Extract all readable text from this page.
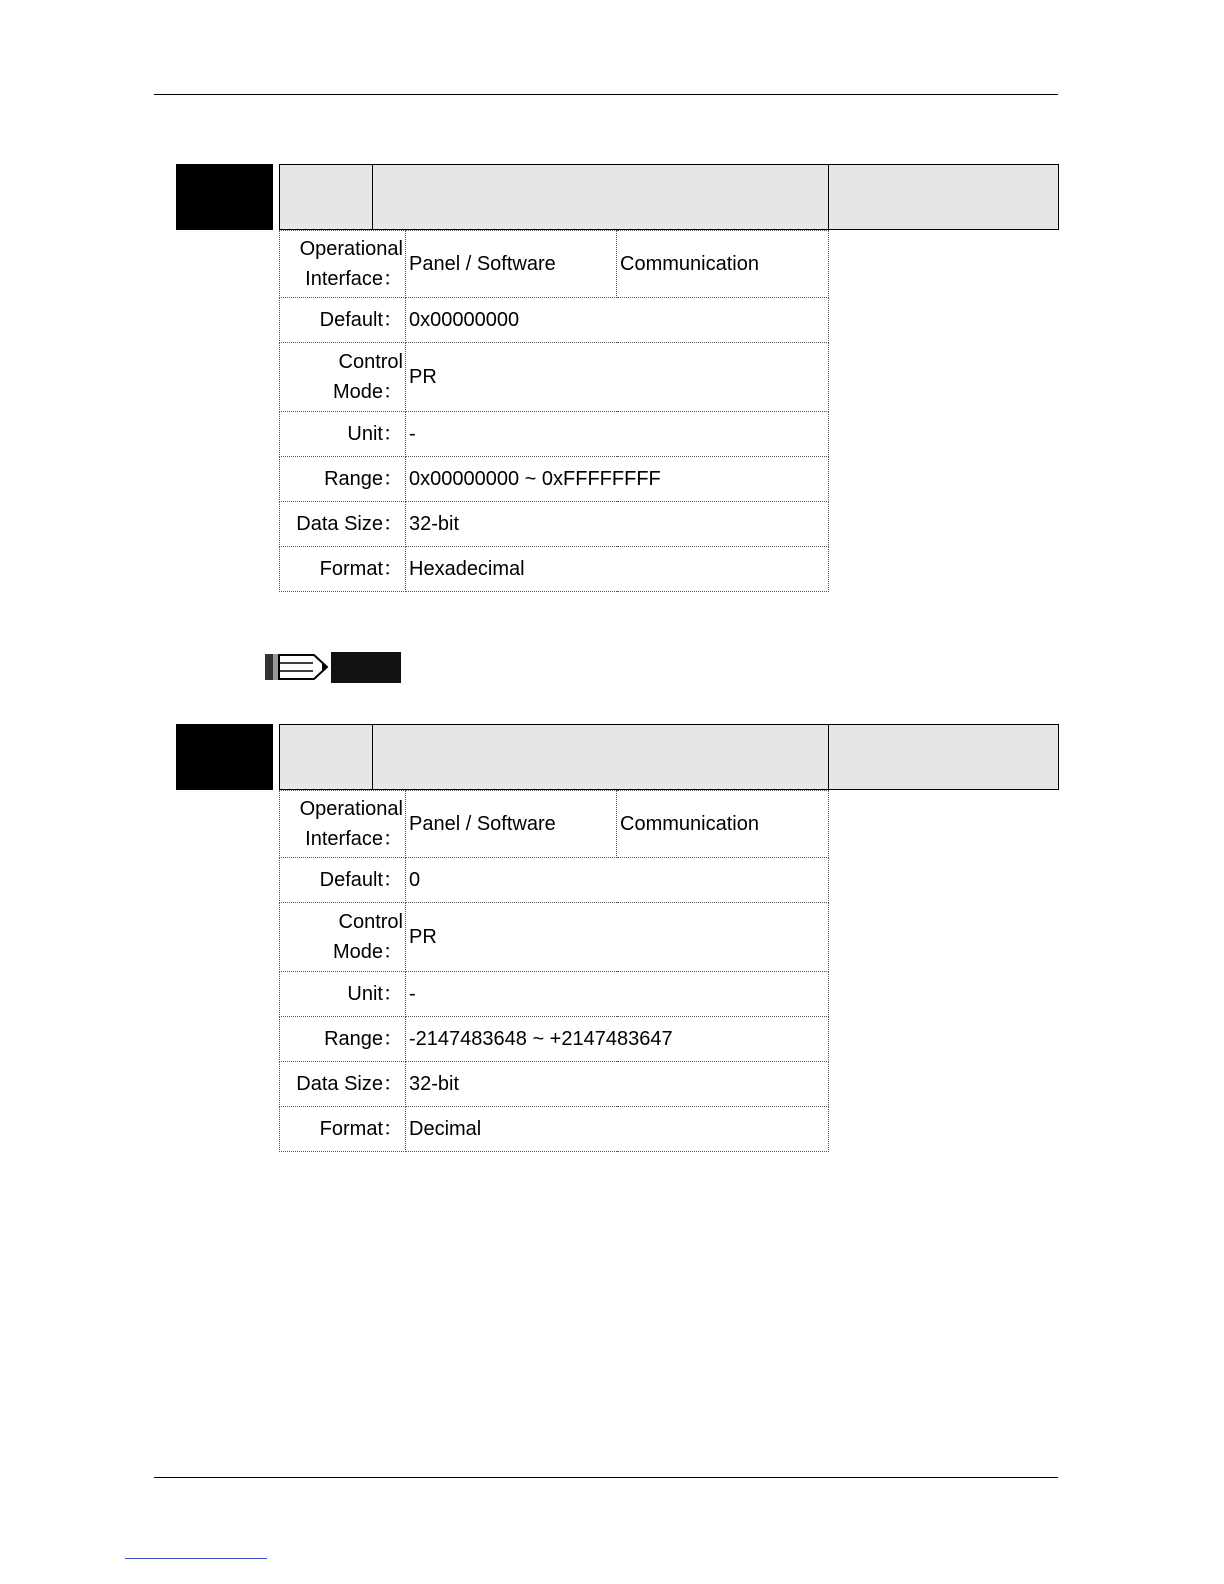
Operational
Interface：	Panel / Software	Communication
Default：	0x00000000	

Control
Mode：	PR	
Unit：	-	
Range：	0x00000000 ~ 0xFFFFFFFF	
Data Size：	32-bit	
Format：	Hexadecimal	
Operational
Interface：	Panel / Software	Communication
Default：	0	

Control
Mode：	PR	
Unit：	-	
Range：	-2147483648 ~ +2147483647	
Data Size：	32-bit	
Format：	Decimal	
